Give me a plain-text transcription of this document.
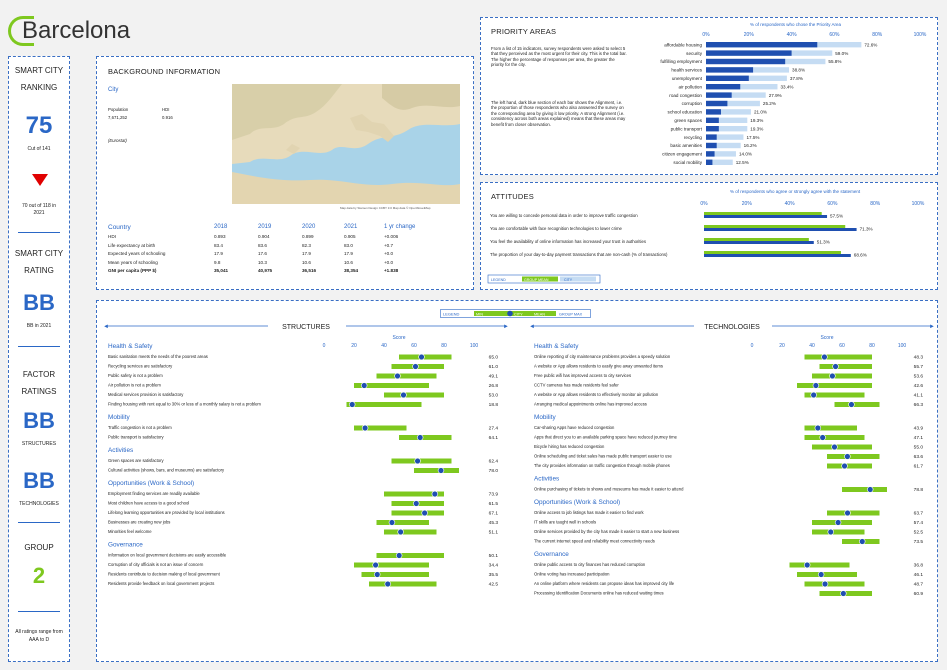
Barcelona
SMART CITY RANKING
75
Cut of 141
70 out of 118 in 2021
SMART CITY RATING
BB
BB in 2021
FACTOR RATINGS
BB
STRUCTURES
BB
TECHNOLOGIES
GROUP
2
All ratings range from AAA to D
BACKGROUND INFORMATION
City
Population
7,671,252
HDI
0.916
(Eurostat)
Map data by Stamen Design CCBY 3.0 Map data © OpenStreetMap
Country	2018	2019	2020	2021	1 yr change
HDI	0.893	0.904	0.899	0.905	+0.006
Life expectancy at birth	83.4	83.6	82.3	83.0	+0.7
Expected years of schooling	17.9	17.6	17.9	17.9	+0.0
Mean years of schooling	9.8	10.3	10.6	10.6	+0.0
GNI per capita (PPP $)	35,041	40,975	36,516	38,354	+1.838
PRIORITY AREAS
From a list of 15 indicators, survey respondents were asked to select 5 that they perceived as the most urgent for their city. This is the total bar. The higher the percentage of responses per area, the greater the priority for the city.
The left hand, dark blue section of each bar shows the Alignment, i.e. the proportion of those respondents who also answered the survey on the corresponding area by giving it low priority. A strong Alignment (i.e. consistency across both areas explained) means that these areas may benefit from closer observation.
% of respondents who chose the Priority Area
0%	20%	40%	60%	80%	100%
affordable housing	72.6%
security	59.0%
fulfilling employment	55.8%
health services	38.8%
unemployment	37.8%
air pollution	33.4%
road congestion	27.9%
corruption	25.2%
school education	21.0%
green spaces	19.3%
public transport	19.3%
recycling	17.5%
basic amenities	16.2%
citizen engagement	14.0%
social mobility	12.5%
ATTITUDES
% of respondents who agree or strongly agree with the statement
0%	20%	40%	60%	80%	100%
You are willing to concede personal data in order to improve traffic congestion	57.5%
You are comfortable with face recognition technologies to lower crime	71.3%
You feel the availability of online information has increased your trust in authorities	51.3%
The proportion of your day-to-day payment transactions that are non-cash (% of transactions)	68.6%
LEGEND	GROUP MEAN	CITY
LEGEND	MIN	CITY	MEAN	GROUP MAX
◄	►
STRUCTURES
Score
0	20	40	60	80	100
Health & Safety
Basic sanitation meets the needs of the poorest areas	65.0
Recycling services are satisfactory	61.0
Public safety is not a problem	49.1
Air pollution is not a problem	26.8
Medical services provision is satisfactory	53.0
Finding housing with rent equal to 30% or less of a monthly salary is not a problem	18.8
Mobility
Traffic congestion is not a problem	27.4
Public transport is satisfactory	64.1
Activities
Green spaces are satisfactory	62.4
Cultural activities (shows, bars, and museums) are satisfactory	78.0
Opportunities (Work & School)
Employment finding services are readily available	73.9
Most children have access to a good school	61.5
Lifelong learning opportunities are provided by local institutions	67.1
Businesses are creating new jobs	45.3
Minorities feel welcome	51.1
Governance
Information on local government decisions are easily accessible	50.1
Corruption of city officials is not an issue of concern	34.4
Residents contribute to decision making of local government	35.5
Residents provide feedback on local government projects	42.5
◄	►
TECHNOLOGIES
Score
0	20	40	60	80	100
Health & Safety
Online reporting of city maintenance problems provides a speedy solution	48.3
A website or App allows residents to easily give away unwanted items	55.7
Free public wifi has improved access to city services	53.6
CCTV cameras has made residents feel safer	42.6
A website or App allows residents to effectively monitor air pollution	41.1
Arranging medical appointments online has improved access	66.3
Mobility
Car-sharing Apps have reduced congestion	43.9
Apps that direct you to an available parking space have reduced journey time	47.1
Bicycle hiring has reduced congestion	55.0
Online scheduling and ticket sales has made public transport easier to use	63.6
The city provides information on traffic congestion through mobile phones	61.7
Activities
Online purchasing of tickets to shows and museums has made it easier to attend	78.8
Opportunities (Work & School)
Online access to job listings has made it easier to find work	63.7
IT skills are taught well in schools	57.4
Online services provided by the city has made it easier to start a new business	52.5
The current internet speed and reliability meet connectivity needs	73.5
Governance
Online public access to city finances has reduced corruption	36.8
Online voting has increased participation	46.1
An online platform where residents can propose ideas has improved city life	48.7
Processing Identification Documents online has reduced waiting times	60.9
